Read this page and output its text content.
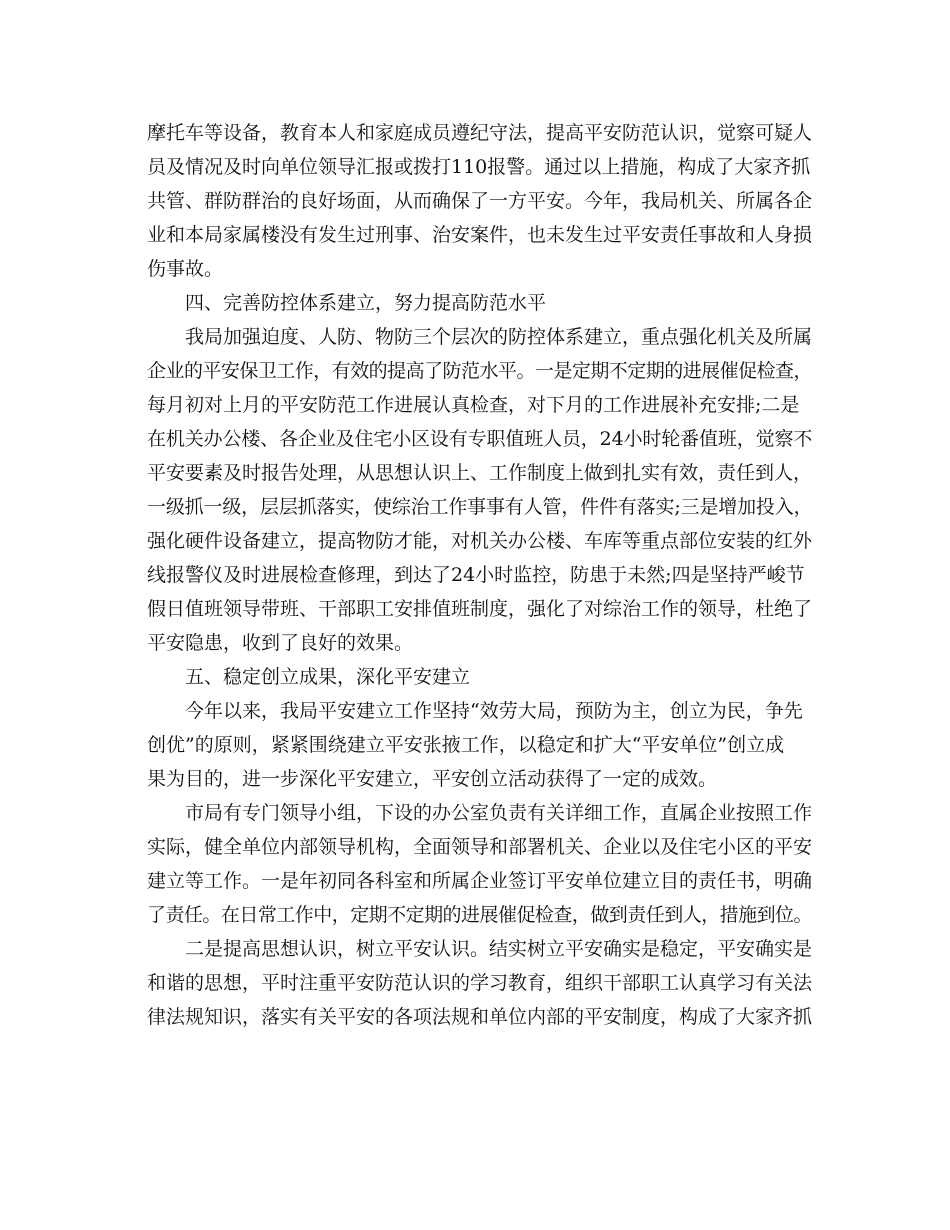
摩托车等设备，教育本人和家庭成员遵纪守法，提高平安防范认识，觉察可疑人
员及情况及时向单位领导汇报或拨打110报警。通过以上措施，构成了大家齐抓
共管、群防群治的良好场面，从而确保了一方平安。今年，我局机关、所属各企
业和本局家属楼没有发生过刑事、治安案件，也未发生过平安责任事故和人身损
伤事故。
四、完善防控体系建立，努力提高防范水平
我局加强迫度、人防、物防三个层次的防控体系建立，重点强化机关及所属
企业的平安保卫工作，有效的提高了防范水平。一是定期不定期的进展催促检查，
每月初对上月的平安防范工作进展认真检查，对下月的工作进展补充安排;二是
在机关办公楼、各企业及住宅小区设有专职值班人员，24小时轮番值班，觉察不
平安要素及时报告处理，从思想认识上、工作制度上做到扎实有效，责任到人，
一级抓一级，层层抓落实，使综治工作事事有人管，件件有落实;三是增加投入，
强化硬件设备建立，提高物防才能，对机关办公楼、车库等重点部位安装的红外
线报警仪及时进展检查修理，到达了24小时监控，防患于未然;四是坚持严峻节
假日值班领导带班、干部职工安排值班制度，强化了对综治工作的领导，杜绝了
平安隐患，收到了良好的效果。
五、稳定创立成果，深化平安建立
今年以来，我局平安建立工作坚持“效劳大局，预防为主，创立为民，争先
创优”的原则，紧紧围绕建立平安张掖工作，以稳定和扩大“平安单位”创立成
果为目的，进一步深化平安建立，平安创立活动获得了一定的成效。
市局有专门领导小组，下设的办公室负责有关详细工作，直属企业按照工作
实际，健全单位内部领导机构，全面领导和部署机关、企业以及住宅小区的平安
建立等工作。一是年初同各科室和所属企业签订平安单位建立目的责任书，明确
了责任。在日常工作中，定期不定期的进展催促检查，做到责任到人，措施到位。
二是提高思想认识，树立平安认识。结实树立平安确实是稳定，平安确实是
和谐的思想，平时注重平安防范认识的学习教育，组织干部职工认真学习有关法
律法规知识，落实有关平安的各项法规和单位内部的平安制度，构成了大家齐抓
